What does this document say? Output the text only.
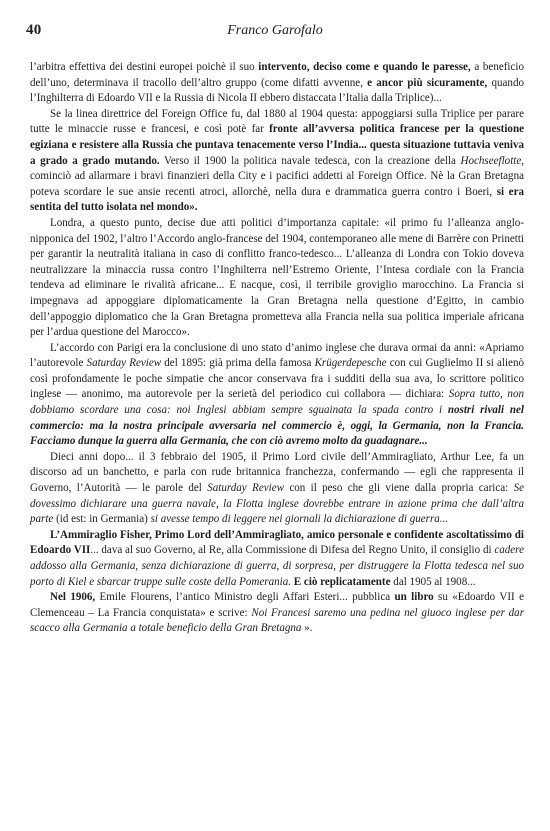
40	Franco Garofalo

l’arbitra effettiva dei destini europei poichè il suo intervento, deciso come e quando le paresse, a beneficio dell’uno, determinava il tracollo dell’altro gruppo (come difatti avvenne, e ancor più sicuramente, quando l’Inghilterra di Edoardo VII e la Russia di Nicola II ebbero distaccata l’Italia dalla Triplice)...

Se la linea direttrice del Foreign Office fu, dal 1880 al 1904 questa: appoggiarsi sulla Triplice per parare tutte le minaccie russe e francesi, e così potè far fronte all’avversa politica francese per la questione egiziana e resistere alla Russia che puntava tenacemente verso l’India... questa situazione tuttavia veniva a grado a grado mutando. Verso il 1900 la politica navale tedesca, con la creazione della Hochseeflotte, cominciò ad allarmare i bravi finanzieri della City e i pacifici addetti al Foreign Office. Nè la Gran Bretagna poteva scordare le sue ansie recenti atroci, allorchè, nella dura e drammatica guerra contro i Boeri, si era sentita del tutto isolata nel mondo».

Londra, a questo punto, decise due atti politici d’importanza capitale: «il primo fu l’alleanza anglo-nipponica del 1902, l’altro l’Accordo anglo-francese del 1904, contemporaneo alle mene di Barrère con Prinetti per garantir la neutralità italiana in caso di conflitto franco-tedesco... L’alleanza di Londra con Tokio doveva neutralizzare la minaccia russa contro l’Inghilterra nell’Estremo Oriente, l’Intesa cordiale con la Francia tendeva ad eliminare le rivalità africane... E nacque, così, il terribile groviglio marocchino. La Francia si impegnava ad appoggiare diplomaticamente la Gran Bretagna nella questione d’Egitto, in cambio dell’appoggio diplomatico che la Gran Bretagna prometteva alla Francia nella sua politica imperiale africana per l’ardua questione del Marocco».

L’accordo con Parigi era la conclusione di uno stato d’animo inglese che durava ormai da anni: «Apriamo l’autorevole Saturday Review del 1895: già prima della famosa Krügerdepesche con cui Guglielmo II si alienò così profondamente le poche simpatie che ancor conservava fra i sudditi della sua ava, lo scrittore politico inglese — anonimo, ma autorevole per la serietà del periodico cui collabora — dichiara: Sopra tutto, non dobbiamo scordare una cosa: noi Inglesi abbiam sempre sguainata la spada contro i nostri rivali nel commercio: ma la nostra principale avversaria nel commercio è, oggi, la Germania, non la Francia. Facciamo dunque la guerra alla Germania, che con ciò avremo molto da guadagnare...

Dieci anni dopo... il 3 febbraio del 1905, il Primo Lord civile dell’Ammiragliato, Arthur Lee, fa un discorso ad un banchetto, e parla con rude britannica franchezza, confermando — egli che rappresenta il Governo, l’Autorità — le parole del Saturday Review con il peso che gli viene dalla propria carica: Se dovessimo dichiarare una guerra navale, la Flotta inglese dovrebbe entrare in azione prima che dall’altra parte (id est: in Germania) si avesse tempo di leggere nei giornali la dichiarazione di guerra...

L’Ammiraglio Fisher, Primo Lord dell’Ammiragliato, amico personale e confidente ascoltatissimo di Edoardo VII... dava al suo Governo, al Re, alla Commissione di Difesa del Regno Unito, il consiglio di cadere addosso alla Germania, senza dichiarazione di guerra, di sorpresa, per distruggere la Flotta tedesca nel suo porto di Kiel e sbarcar truppe sulle coste della Pomerania. E ciò replicatamente dal 1905 al 1908...

Nel 1906, Emile Flourens, l’antico Ministro degli Affari Esteri... pubblica un libro su «Edoardo VII e Clemenceau – La Francia conquistata» e scrive: Noi Francesi saremo una pedina nel giuoco inglese per dar scacco alla Germania a totale beneficio della Gran Bretagna ».
